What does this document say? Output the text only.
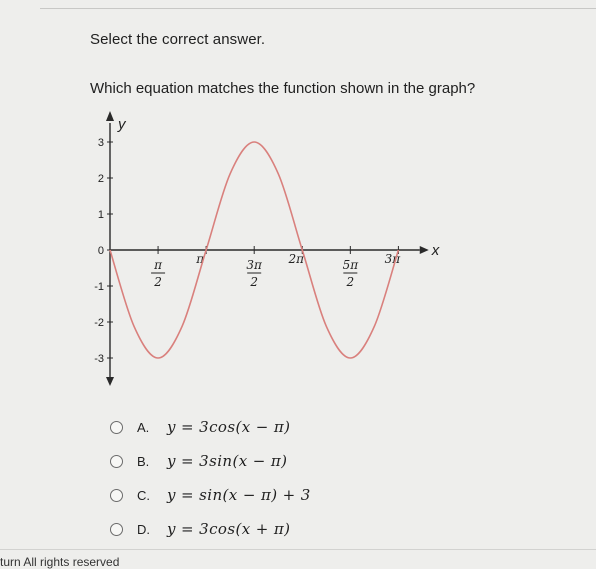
Select the correct answer.
Which equation matches the function shown in the graph?
y
x
3
2
1
0
-1
-2
-3
π
2
π	3π
2
2π	5π
2
3π
A.	y = 3cos(x − π)
B.	y = 3sin(x − π)
C.	y = sin(x − π) + 3
D.	y = 3cos(x + π)
turn All rights reserved
